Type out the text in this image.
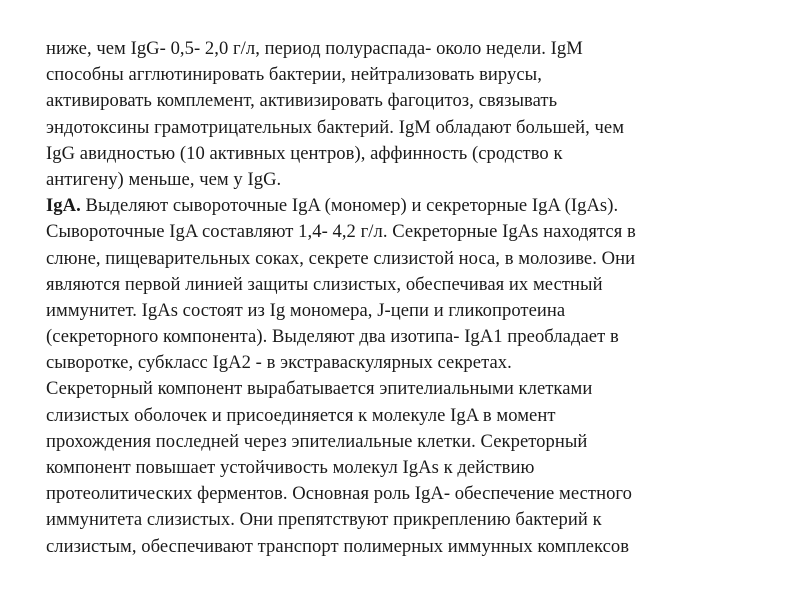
ниже, чем IgG- 0,5- 2,0 г/л, период полураспада- около недели. IgM
способны агглютинировать бактерии, нейтрализовать вирусы,
активировать комплемент, активизировать фагоцитоз, связывать
эндотоксины грамотрицательных бактерий. IgM обладают большей, чем
IgG авидностью (10 активных центров), аффинность (сродство к
антигену) меньше, чем у IgG.
IgA. Выделяют сывороточные IgA (мономер) и секреторные IgA (IgAs).
Сывороточные IgA составляют 1,4- 4,2 г/л. Секреторные IgAs находятся в
слюне, пищеварительных соках, секрете слизистой носа, в молозиве. Они
являются первой линией защиты слизистых, обеспечивая их местный
иммунитет. IgAs состоят из Ig мономера, J-цепи и гликопротеина
(секреторного компонента). Выделяют два изотипа- IgA1 преобладает в
сыворотке, субкласс IgA2 - в экстраваскулярных секретах.
Секреторный компонент вырабатывается эпителиальными клетками
слизистых оболочек и присоединяется к молекуле IgA в момент
прохождения последней через эпителиальные клетки. Секреторный
компонент повышает устойчивость молекул IgAs к действию
протеолитических ферментов. Основная роль IgA- обеспечение местного
иммунитета слизистых. Они препятствуют прикреплению бактерий к
слизистым, обеспечивают транспорт полимерных иммунных комплексов
